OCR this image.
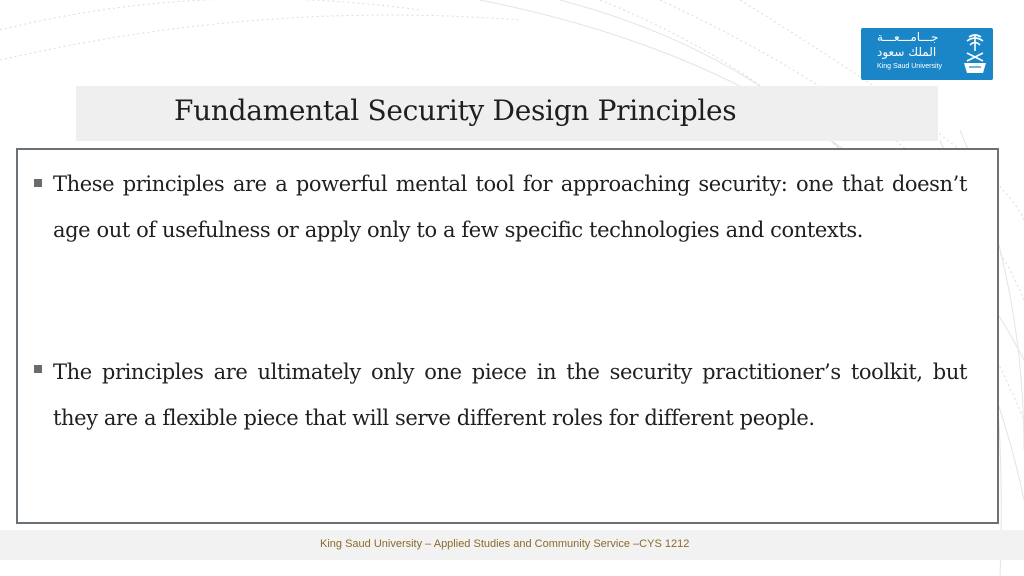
جـــامـــعـــة
الملك سعود
King Saud University
Fundamental Security Design Principles
These principles are a powerful mental tool for approaching security: one that doesn’t age out of usefulness or apply only to a few specific technologies and contexts.
The principles are ultimately only one piece in the security practitioner’s toolkit, but they are a flexible piece that will serve different roles for different people.
King Saud University – Applied Studies and Community Service –CYS 1212
